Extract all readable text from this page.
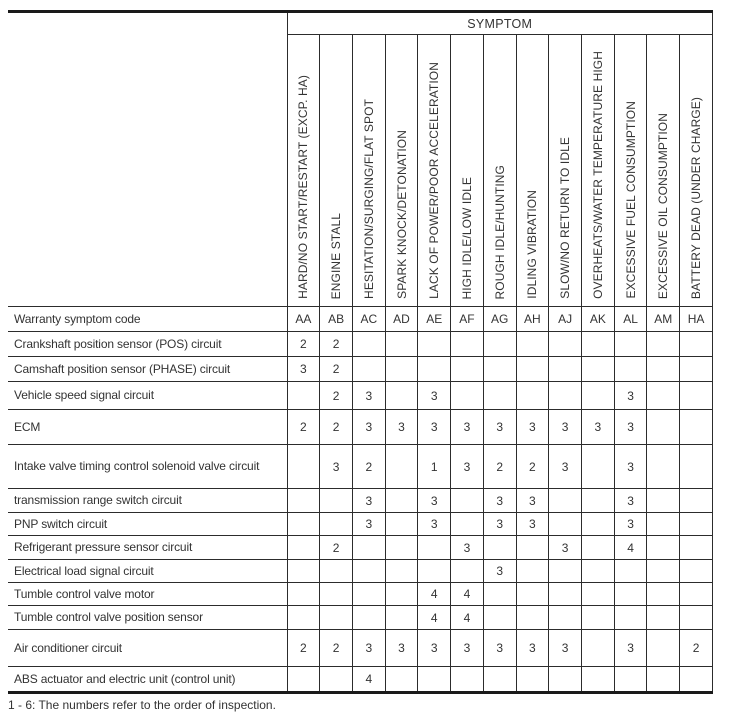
	SYMPTOM												

	HARD/NO START/RESTART (EXCP. HA)	ENGINE STALL	HESITATION/SURGING/FLAT SPOT	SPARK KNOCK/DETONATION	LACK OF POWER/POOR ACCELERATION	HIGH IDLE/LOW IDLE	ROUGH IDLE/HUNTING	IDLING VIBRATION	SLOW/NO RETURN TO IDLE	OVERHEATS/WATER TEMPERATURE HIGH	EXCESSIVE FUEL CONSUMPTION	EXCESSIVE OIL CONSUMPTION	BATTERY DEAD (UNDER CHARGE)

Warranty symptom code	AA	AB	AC	AD	AE	AF	AG	AH	AJ	AK	AL	AM	HA
Crankshaft position sensor (POS) circuit	2	2											
Camshaft position sensor (PHASE) circuit	3	2											
Vehicle speed signal circuit		2	3		3						3		
ECM	2	2	3	3	3	3	3	3	3	3	3		
Intake valve timing control solenoid valve circuit		3	2		1	3	2	2	3		3		
transmission range switch circuit			3		3		3	3			3		
PNP switch circuit			3		3		3	3			3		
Refrigerant pressure sensor circuit		2				3			3		4		
Electrical load signal circuit							3						
Tumble control valve motor					4	4							
Tumble control valve position sensor					4	4							
Air conditioner circuit	2	2	3	3	3	3	3	3	3		3		2
ABS actuator and electric unit (control unit)			4										

1 - 6: The numbers refer to the order of inspection.
